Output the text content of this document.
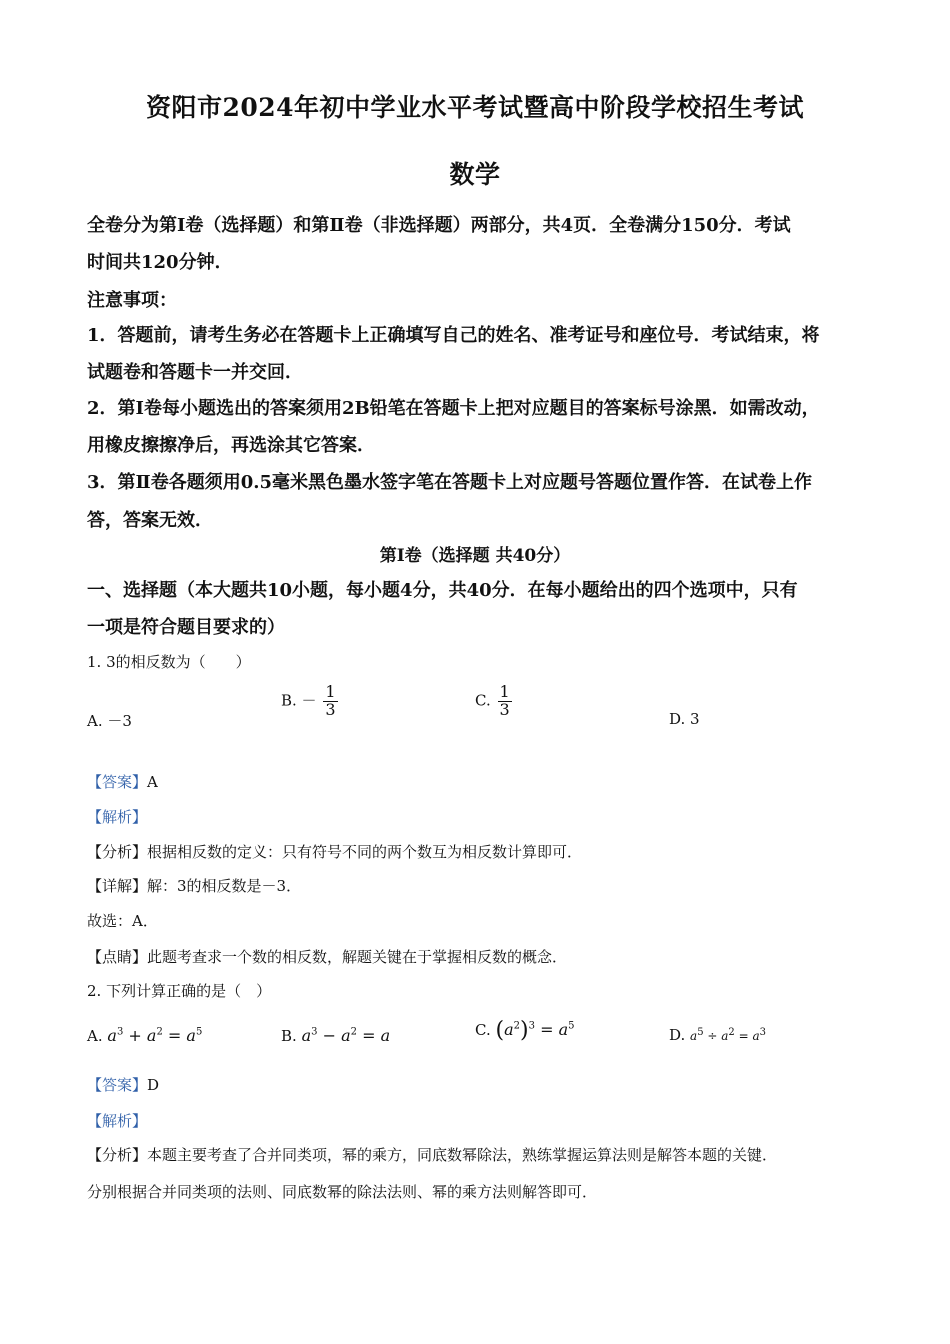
资阳市2024年初中学业水平考试暨高中阶段学校招生考试
数学
全卷分为第Ⅰ卷（选择题）和第Ⅱ卷（非选择题）两部分，共4页．全卷满分150分．考试
时间共120分钟．
注意事项：
1．答题前，请考生务必在答题卡上正确填写自己的姓名、准考证号和座位号．考试结束，将
试题卷和答题卡一并交回．
2．第Ⅰ卷每小题选出的答案须用2B铅笔在答题卡上把对应题目的答案标号涂黑．如需改动，
用橡皮擦擦净后，再选涂其它答案．
3．第Ⅱ卷各题须用0.5毫米黑色墨水签字笔在答题卡上对应题号答题位置作答．在试卷上作
答，答案无效．
第Ⅰ卷（选择题 共40分）
一、选择题（本大题共10小题，每小题4分，共40分．在每小题给出的四个选项中，只有
一项是符合题目要求的）
1. 3的相反数为（　　）
A. －3
B. － $\frac{1}{3}$	C. $\frac{1}{3}$
D. 3
【答案】A
【解析】
【分析】根据相反数的定义：只有符号不同的两个数互为相反数计算即可．
【详解】解：3的相反数是－3．
故选：A．
【点睛】此题考查求一个数的相反数，解题关键在于掌握相反数的概念．
2. 下列计算正确的是（　）
A. $a^3 + a^2 = a^5$	B. $a^3 - a^2 = a$	C. $(a^2)^3 = a^5$	D. $a^5 \div a^2 = a^3$
【答案】D
【解析】
【分析】本题主要考查了合并同类项，幂的乘方，同底数幂除法，熟练掌握运算法则是解答本题的关键．
分别根据合并同类项的法则、同底数幂的除法法则、幂的乘方法则解答即可．
